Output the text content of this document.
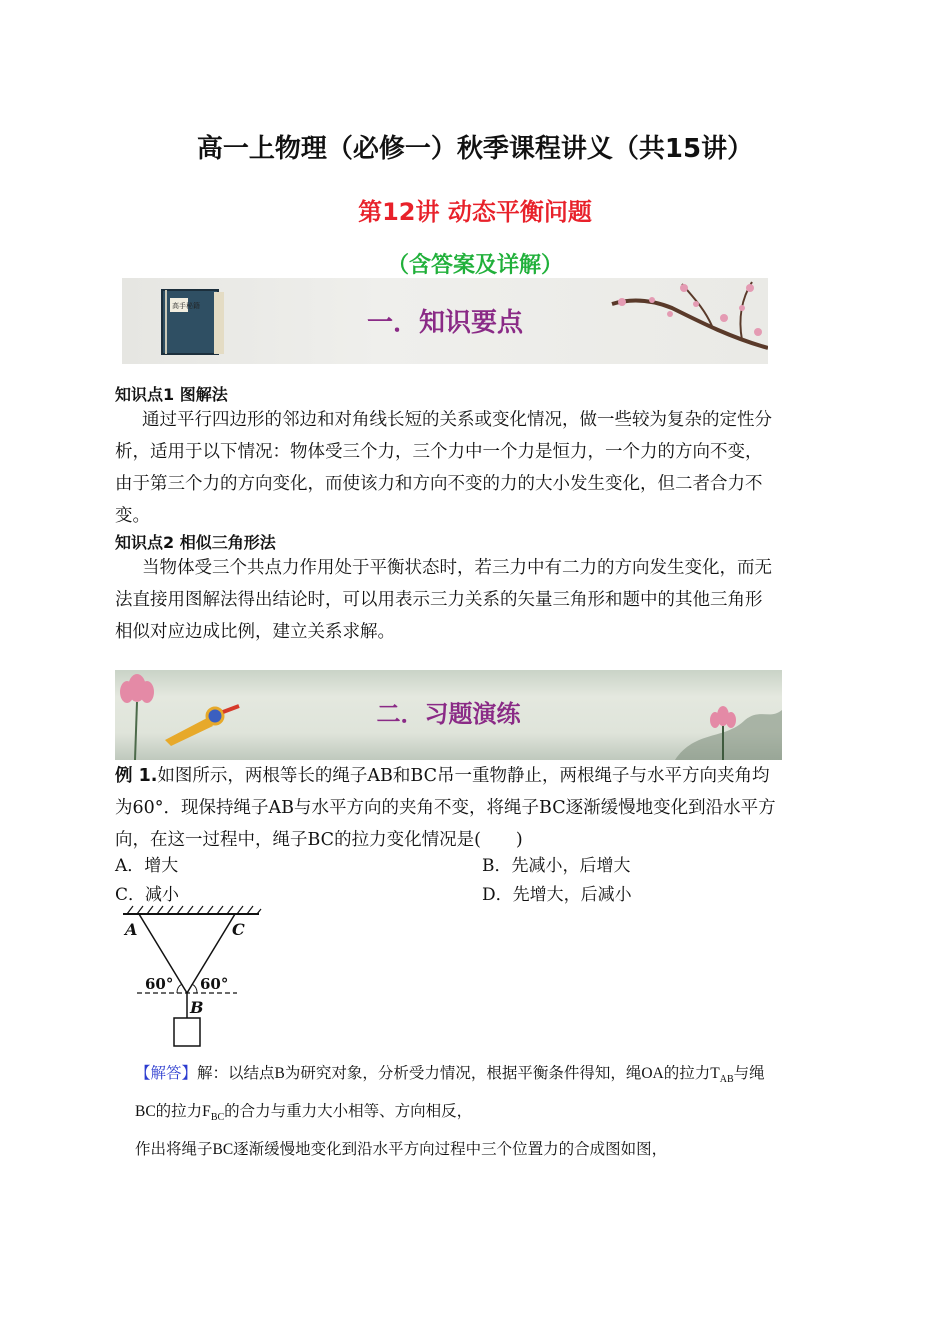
高一上物理（必修一）秋季课程讲义（共15讲）
第12讲 动态平衡问题
（含答案及详解）
高手秘籍
一．知识要点
知识点1 图解法
通过平行四边形的邻边和对角线长短的关系或变化情况，做一些较为复杂的定性分
析，适用于以下情况：物体受三个力，三个力中一个力是恒力，一个力的方向不变，
由于第三个力的方向变化，而使该力和方向不变的力的大小发生变化，但二者合力不
变。
知识点2 相似三角形法
当物体受三个共点力作用处于平衡状态时，若三力中有二力的方向发生变化，而无
法直接用图解法得出结论时，可以用表示三力关系的矢量三角形和题中的其他三角形
相似对应边成比例，建立关系求解。
二．习题演练
例 1.如图所示，两根等长的绳子AB和BC吊一重物静止，两根绳子与水平方向夹角均
为60°．现保持绳子AB与水平方向的夹角不变，将绳子BC逐渐缓慢地变化到沿水平方
向，在这一过程中，绳子BC的拉力变化情况是(　　)
A．增大	B．先减小，后增大
C．减小	D．先增大，后减小
A	C
60° 60°
B
【解答】解：以结点B为研究对象，分析受力情况，根据平衡条件得知，绳OA的拉力$T_{AB}$与绳
BC的拉力$F_{BC}$的合力与重力大小相等、方向相反，
作出将绳子BC逐渐缓慢地变化到沿水平方向过程中三个位置力的合成图如图，
